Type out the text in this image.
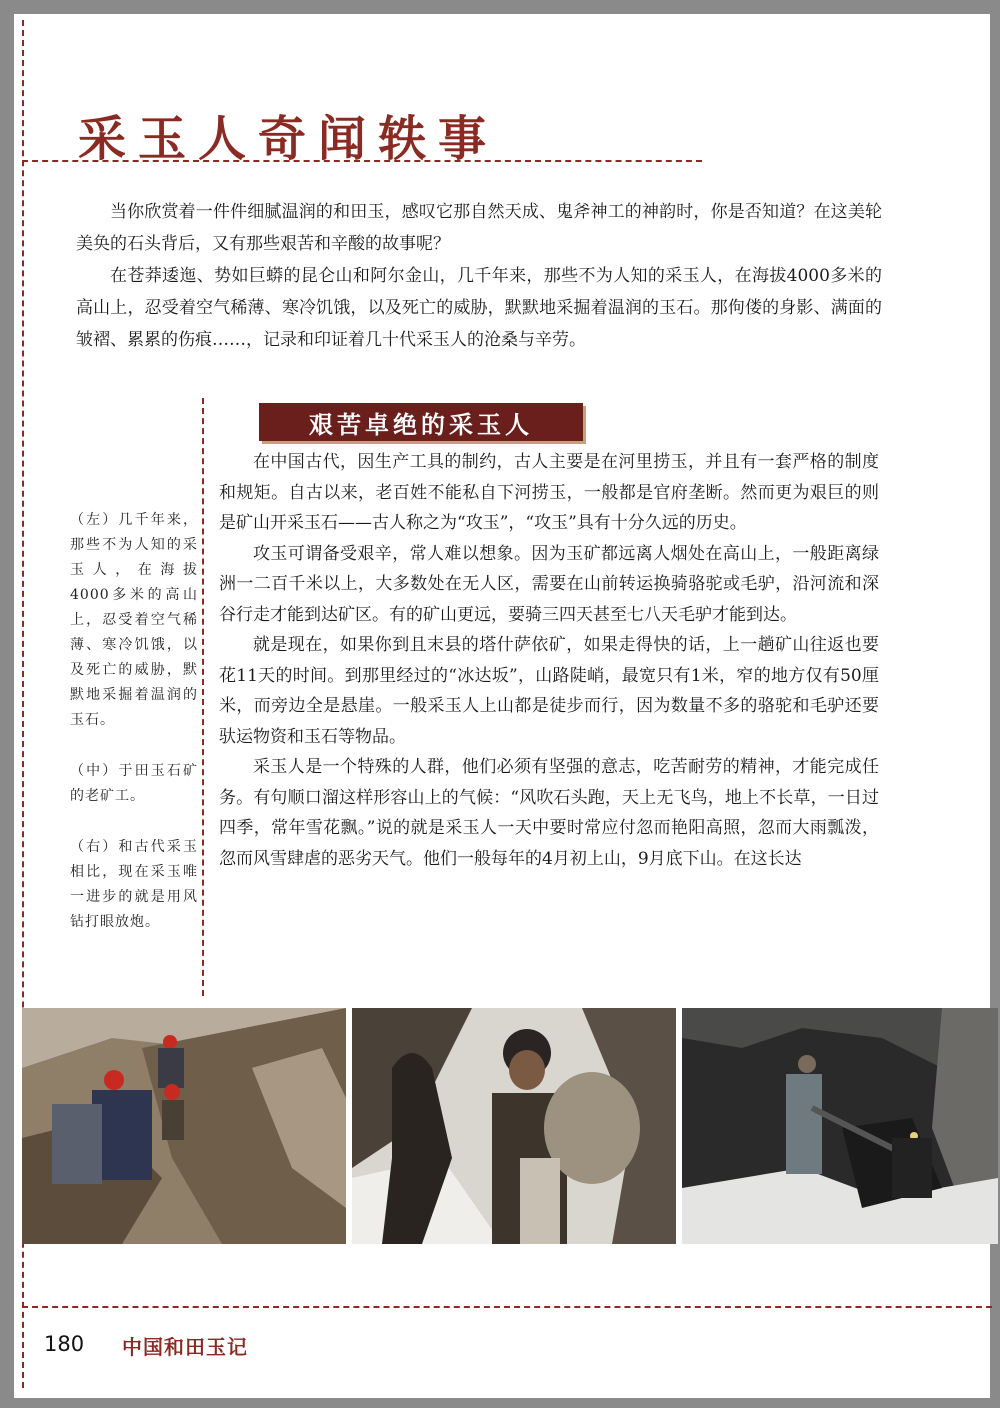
采玉人奇闻轶事

当你欣赏着一件件细腻温润的和田玉，感叹它那自然天成、鬼斧神工的神韵时，你是否知道？在这美轮美奂的石头背后，又有那些艰苦和辛酸的故事呢？

在苍莽逶迤、势如巨蟒的昆仑山和阿尔金山，几千年来，那些不为人知的采玉人，在海拔4000多米的高山上，忍受着空气稀薄、寒冷饥饿，以及死亡的威胁，默默地采掘着温润的玉石。那佝偻的身影、满面的皱褶、累累的伤痕……，记录和印证着几十代采玉人的沧桑与辛劳。

（左）几千年来，那些不为人知的采玉人，在海拔4000多米的高山上，忍受着空气稀薄、寒冷饥饿，以及死亡的威胁，默默地采掘着温润的玉石。

（中）于田玉石矿的老矿工。

（右）和古代采玉相比，现在采玉唯一进步的就是用风钻打眼放炮。

艰苦卓绝的采玉人

在中国古代，因生产工具的制约，古人主要是在河里捞玉，并且有一套严格的制度和规矩。自古以来，老百姓不能私自下河捞玉，一般都是官府垄断。然而更为艰巨的则是矿山开采玉石——古人称之为“攻玉”，“攻玉”具有十分久远的历史。

攻玉可谓备受艰辛，常人难以想象。因为玉矿都远离人烟处在高山上，一般距离绿洲一二百千米以上，大多数处在无人区，需要在山前转运换骑骆驼或毛驴，沿河流和深谷行走才能到达矿区。有的矿山更远，要骑三四天甚至七八天毛驴才能到达。

就是现在，如果你到且末县的塔什萨依矿，如果走得快的话，上一趟矿山往返也要花11天的时间。到那里经过的“冰达坂”，山路陡峭，最宽只有1米，窄的地方仅有50厘米，而旁边全是悬崖。一般采玉人上山都是徒步而行，因为数量不多的骆驼和毛驴还要驮运物资和玉石等物品。

采玉人是一个特殊的人群，他们必须有坚强的意志，吃苦耐劳的精神，才能完成任务。有句顺口溜这样形容山上的气候：“风吹石头跑，天上无飞鸟，地上不长草，一日过四季，常年雪花飘。”说的就是采玉人一天中要时常应付忽而艳阳高照，忽而大雨瓢泼，忽而风雪肆虐的恶劣天气。他们一般每年的4月初上山，9月底下山。在这长达

180 中国和田玉记
